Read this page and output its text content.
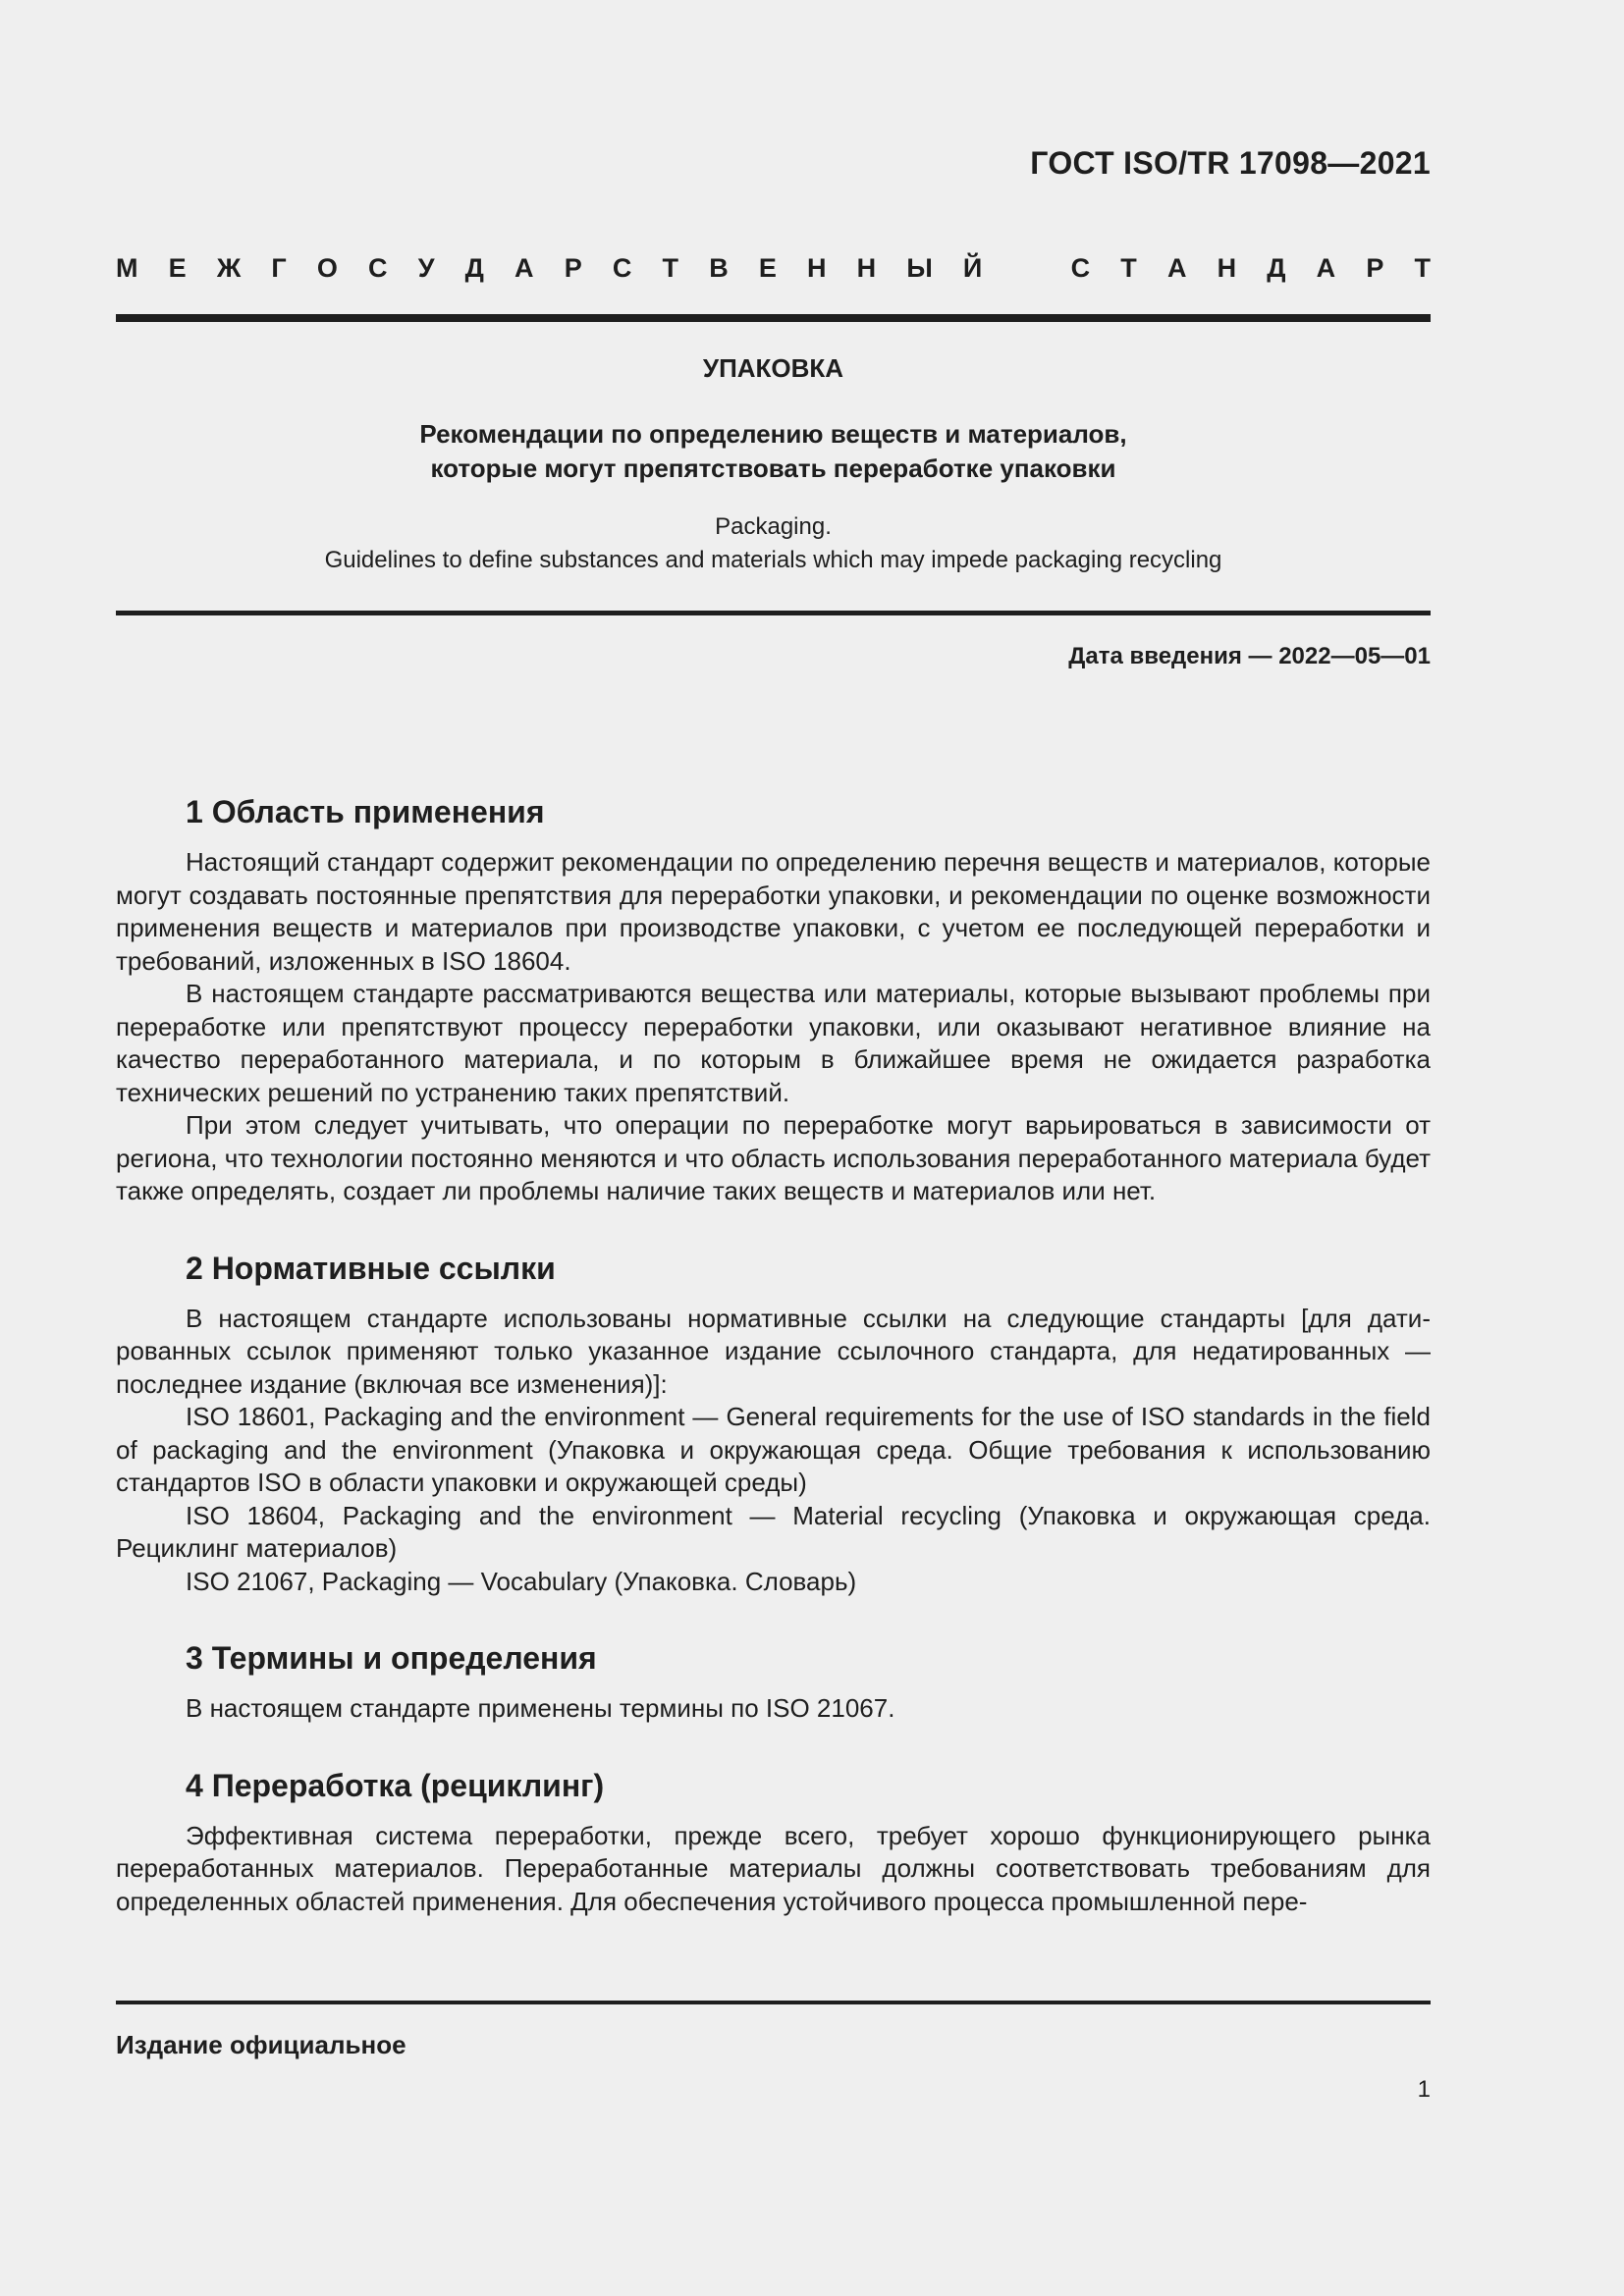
ГОСТ ISO/TR 17098—2021
М Е Ж Г О С У Д А Р С Т В Е Н Н Ы Й	С Т А Н Д А Р Т
УПАКОВКА
Рекомендации по определению веществ и материалов,
которые могут препятствовать переработке упаковки
Packaging.
Guidelines to define substances and materials which may impede packaging recycling
Дата введения — 2022—05—01
1 Область применения

Настоящий стандарт содержит рекомендации по определению перечня веществ и материалов, которые могут создавать постоянные препятствия для переработки упаковки, и рекомендации по оценке возможности применения веществ и материалов при производстве упаковки, с учетом ее последующей переработки и требований, изложенных в ISO 18604.

В настоящем стандарте рассматриваются вещества или материалы, которые вызывают проблемы при переработке или препятствуют процессу переработки упаковки, или оказывают негативное влияние на качество переработанного материала, и по которым в ближайшее время не ожидается разработка технических решений по устранению таких препятствий.

При этом следует учитывать, что операции по переработке могут варьироваться в зависимости от региона, что технологии постоянно меняются и что область использования переработанного материала будет также определять, создает ли проблемы наличие таких веществ и материалов или нет.

2 Нормативные ссылки

В настоящем стандарте использованы нормативные ссылки на следующие стандарты [для датированных ссылок применяют только указанное издание ссылочного стандарта, для недатированных — последнее издание (включая все изменения)]:

ISO 18601, Packaging and the environment — General requirements for the use of ISO standards in the field of packaging and the environment (Упаковка и окружающая среда. Общие требования к использованию стандартов ISO в области упаковки и окружающей среды)

ISO 18604, Packaging and the environment — Material recycling (Упаковка и окружающая среда. Рециклинг материалов)

ISO 21067, Packaging — Vocabulary (Упаковка. Словарь)

3 Термины и определения

В настоящем стандарте применены термины по ISO 21067.

4 Переработка (рециклинг)

Эффективная система переработки, прежде всего, требует хорошо функционирующего рынка переработанных материалов. Переработанные материалы должны соответствовать требованиям для определенных областей применения. Для обеспечения устойчивого процесса промышленной пере-

Издание официальное
1
